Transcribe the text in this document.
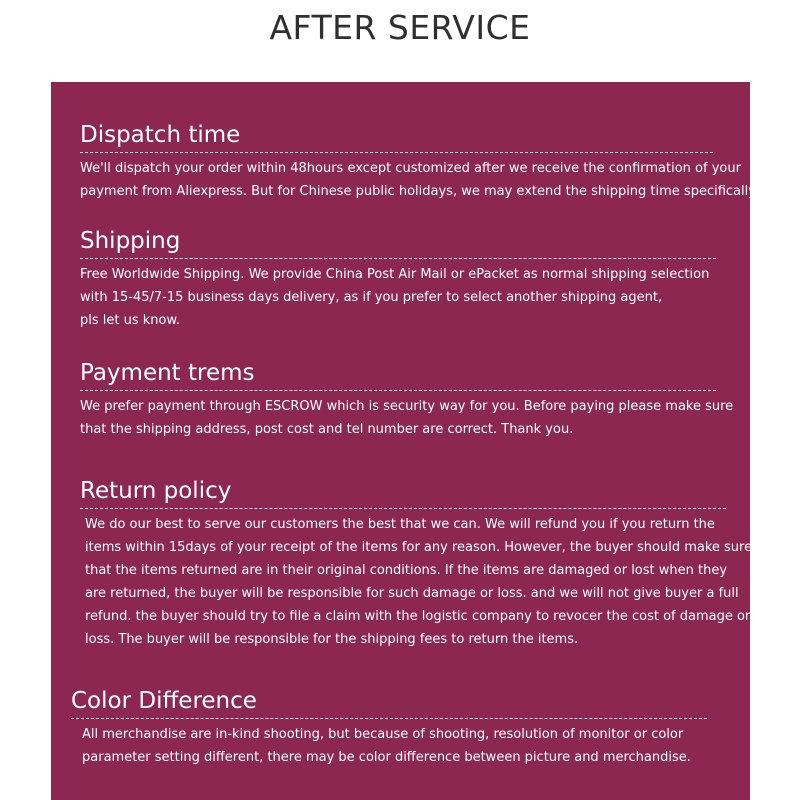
AFTER SERVICE
Dispatch time
We'll dispatch your order within 48hours except customized after we receive the confirmation of your
payment from Aliexpress. But for Chinese public holidays, we may extend the shipping time specifically.
Shipping
Free Worldwide Shipping. We provide China Post Air Mail or ePacket as normal shipping selection
with 15-45/7-15 business days delivery, as if you prefer to select another shipping agent,
pls let us know.
Payment trems
We prefer payment through ESCROW which is security way for you. Before paying please make sure
that the shipping address, post cost and tel number are correct. Thank you.
Return policy
We do our best to serve our customers the best that we can. We will refund you if you return the
items within 15days of your receipt of the items for any reason. However, the buyer should make sure
that the items returned are in their original conditions. If the items are damaged or lost when they
are returned, the buyer will be responsible for such damage or loss. and we will not give buyer a full
refund. the buyer should try to file a claim with the logistic company to revocer the cost of damage or
loss. The buyer will be responsible for the shipping fees to return the items.
Color Difference
All merchandise are in-kind shooting, but because of shooting, resolution of monitor or color
parameter setting different, there may be color difference between picture and merchandise.
